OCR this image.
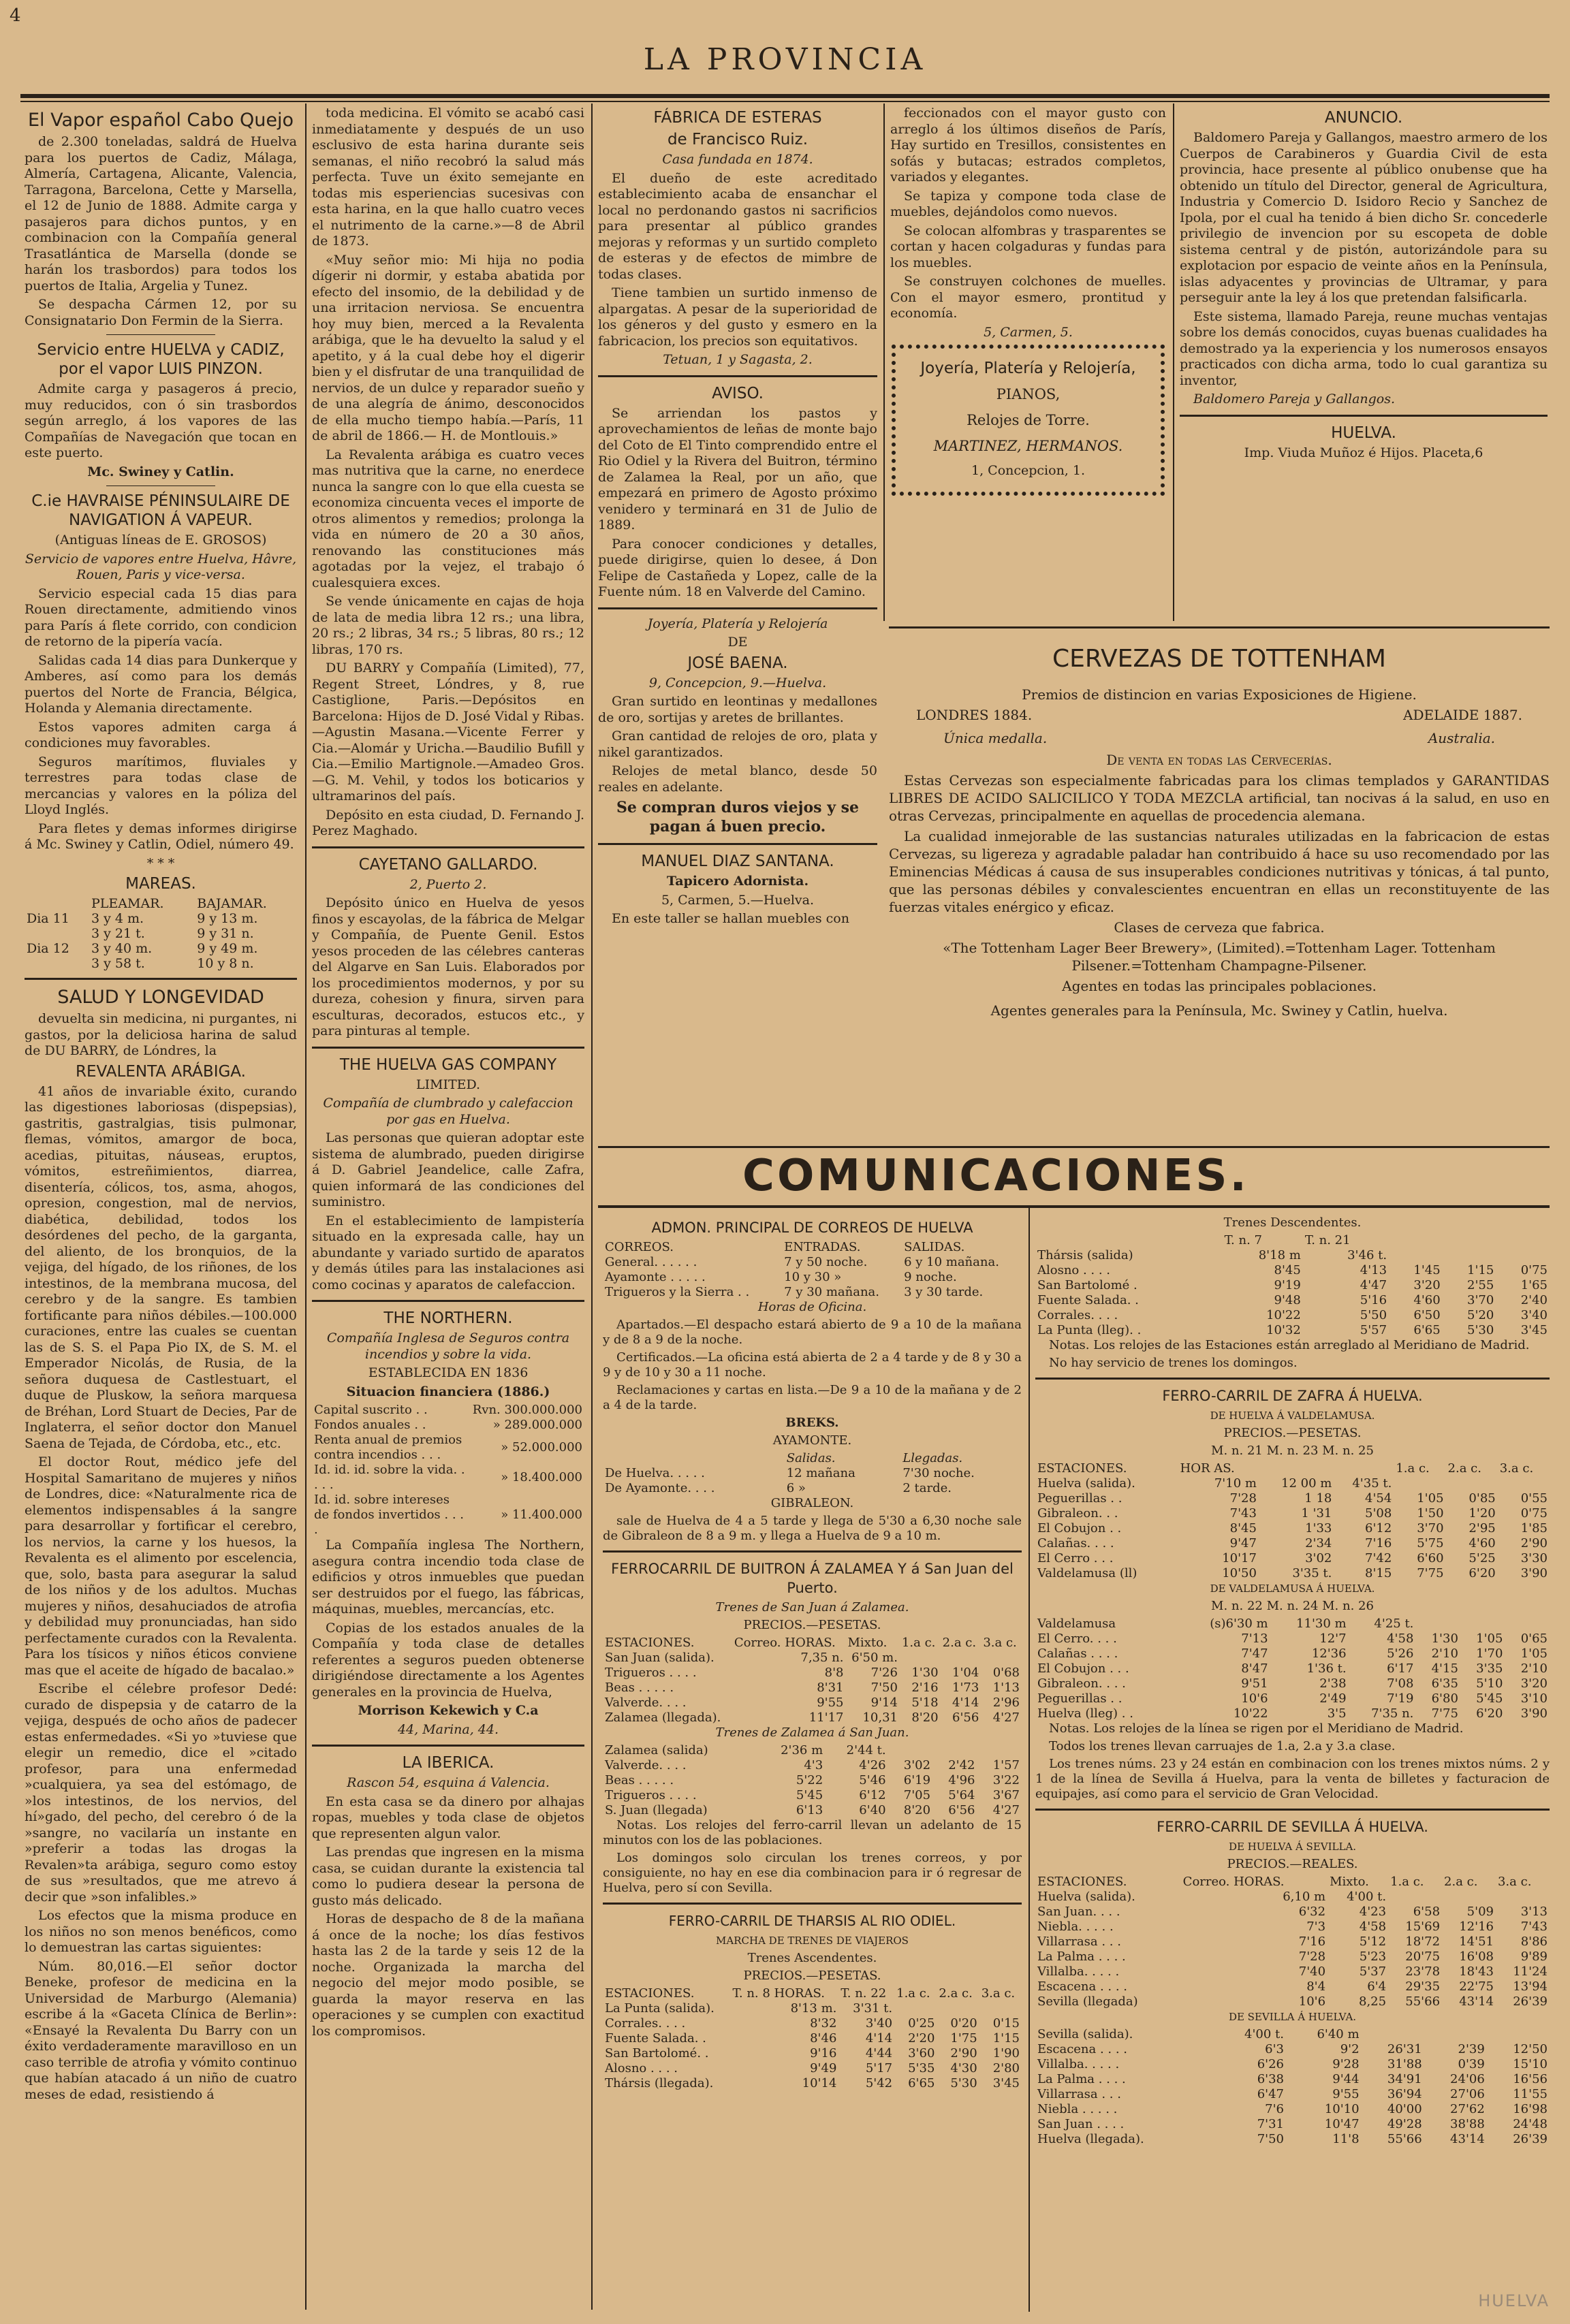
4
LA PROVINCIA

El Vapor español Cabo Quejo

de 2.300 toneladas, saldrá de Huelva para los puertos de Cadiz, Málaga, Almería, Cartagena, Alicante, Valencia, Tarragona, Barcelona, Cette y Marsella, el 12 de Junio de 1888. Admite carga y pasajeros para dichos puntos, y en combinacion con la Compañía general Trasatlántica de Marsella (donde se harán los trasbordos) para todos los puertos de Italia, Argelia y Tunez.

Se despacha Cármen 12, por su Consignatario Don Fermin de la Sierra.

Servicio entre HUELVA y CADIZ, por el vapor LUIS PINZON.

Admite carga y pasageros á precio, muy reducidos, con ó sin trasbordos según arreglo, á los vapores de las Compañías de Navegación que tocan en este puerto.

Mc. Swiney y Catlin.

C.ie HAVRAISE PÉNINSULAIRE DE NAVIGATION Á VAPEUR.

(Antiguas líneas de E. GROSOS)

Servicio de vapores entre Huelva, Hâvre, Rouen, Paris y vice-versa.

Servicio especial cada 15 dias para Rouen directamente, admitiendo vinos para París á flete corrido, con condicion de retorno de la pipería vacía.

Salidas cada 14 dias para Dunkerque y Amberes, así como para los demás puertos del Norte de Francia, Bélgica, Holanda y Alemania directamente.

Estos vapores admiten carga á condiciones muy favorables.

Seguros marítimos, fluviales y terrestres para todas clase de mercancias y valores en la póliza del Lloyd Inglés.

Para fletes y demas informes dirigirse á Mc. Swiney y Catlin, Odiel, número 49.

* * *

MAREAS.

	PLEAMAR.	BAJAMAR.
Dia 11	3 y 4 m.	9 y 13 m.
	3 y 21 t.	9 y 31 n.
Dia 12	3 y 40 m.	9 y 49 m.
	3 y 58 t.	10 y 8 n.

SALUD Y LONGEVIDAD

devuelta sin medicina, ni purgantes, ni gastos, por la deliciosa harina de salud de DU BARRY, de Lóndres, la

REVALENTA ARÁBIGA.

41 años de invariable éxito, curando las digestiones laboriosas (dispepsias), gastritis, gastralgias, tisis pulmonar, flemas, vómitos, amargor de boca, acedias, pituitas, náuseas, eruptos, vómitos, estreñimientos, diarrea, disentería, cólicos, tos, asma, ahogos, opresion, congestion, mal de nervios, diabética, debilidad, todos los desórdenes del pecho, de la garganta, del aliento, de los bronquios, de la vejiga, del hígado, de los riñones, de los intestinos, de la membrana mucosa, del cerebro y de la sangre. Es tambien fortificante para niños débiles.—100.000 curaciones, entre las cuales se cuentan las de S. S. el Papa Pio IX, de S. M. el Emperador Nicolás, de Rusia, de la señora duquesa de Castlestuart, el duque de Pluskow, la señora marquesa de Bréhan, Lord Stuart de Decies, Par de Inglaterra, el señor doctor don Manuel Saena de Tejada, de Córdoba, etc., etc.

El doctor Rout, médico jefe del Hospital Samaritano de mujeres y niños de Londres, dice: «Naturalmente rica de elementos indispensables á la sangre para desarrollar y fortificar el cerebro, los nervios, la carne y los huesos, la Revalenta es el alimento por escelencia, que, solo, basta para asegurar la salud de los niños y de los adultos. Muchas mujeres y niños, desahuciados de atrofia y debilidad muy pronunciadas, han sido perfectamente curados con la Revalenta. Para los tísicos y niños éticos conviene mas que el aceite de hígado de bacalao.»

Escribe el célebre profesor Dedé: curado de dispepsia y de catarro de la vejiga, después de ocho años de padecer estas enfermedades. «Si yo »tuviese que elegir un remedio, dice el »citado profesor, para una enfermedad »cualquiera, ya sea del estómago, de »los intestinos, de los nervios, del hí»gado, del pecho, del cerebro ó de la »sangre, no vacilaría un instante en »preferir a todas las drogas la Revalen»ta arábiga, seguro como estoy de sus »resultados, que me atrevo á decir que »son infalibles.»

Los efectos que la misma produce en los niños no son menos benéficos, como lo demuestran las cartas siguientes:

Núm. 80,016.—El señor doctor Beneke, profesor de medicina en la Universidad de Marburgo (Alemania) escribe á la «Gaceta Clínica de Berlin»: «Ensayé la Revalenta Du Barry con un éxito verdaderamente maravilloso en un caso terrible de atrofia y vómito continuo que habían atacado á un niño de cuatro meses de edad, resistiendo á

toda medicina. El vómito se acabó casi inmediatamente y después de un uso esclusivo de esta harina durante seis semanas, el niño recobró la salud más perfecta. Tuve un éxito semejante en todas mis esperiencias sucesivas con esta harina, en la que hallo cuatro veces el nutrimento de la carne.»—8 de Abril de 1873.

«Muy señor mio: Mi hija no podia dígerir ni dormir, y estaba abatida por efecto del insomio, de la debilidad y de una irritacion nerviosa. Se encuentra hoy muy bien, merced a la Revalenta arábiga, que le ha devuelto la salud y el apetito, y á la cual debe hoy el digerir bien y el disfrutar de una tranquilidad de nervios, de un dulce y reparador sueño y de una alegría de ánimo, desconocidos de ella mucho tiempo había.—París, 11 de abril de 1866.— H. de Montlouis.»

La Revalenta arábiga es cuatro veces mas nutritiva que la carne, no enerdece nunca la sangre con lo que ella cuesta se economiza cincuenta veces el importe de otros alimentos y remedios; prolonga la vida en número de 20 a 30 años, renovando las constituciones más agotadas por la vejez, el trabajo ó cualesquiera exces.

Se vende únicamente en cajas de hoja de lata de media libra 12 rs.; una libra, 20 rs.; 2 libras, 34 rs.; 5 libras, 80 rs.; 12 libras, 170 rs.

DU BARRY y Compañía (Limited), 77, Regent Street, Lóndres, y 8, rue Castiglione, Paris.—Depósitos en Barcelona: Hijos de D. José Vidal y Ribas.—Agustin Masana.—Vicente Ferrer y Cia.—Alomár y Uricha.—Baudilio Bufill y Cia.—Emilio Martignole.—Amadeo Gros.—G. M. Vehil, y todos los boticarios y ultramarinos del país.

Depósito en esta ciudad, D. Fernando J. Perez Maghado.

CAYETANO GALLARDO.

2, Puerto 2.

Depósito único en Huelva de yesos finos y escayolas, de la fábrica de Melgar y Compañía, de Puente Genil. Estos yesos proceden de las célebres canteras del Algarve en San Luis. Elaborados por los procedimientos modernos, y por su dureza, cohesion y finura, sirven para esculturas, decorados, estucos etc., y para pinturas al temple.

THE HUELVA GAS COMPANY

LIMITED.

Compañía de clumbrado y calefaccion por gas en Huelva.

Las personas que quieran adoptar este sistema de alumbrado, pueden dirigirse á D. Gabriel Jeandelice, calle Zafra, quien informará de las condiciones del suministro.

En el establecimiento de lampistería situado en la expresada calle, hay un abundante y variado surtido de aparatos y demás útiles para las instalaciones asi como cocinas y aparatos de calefaccion.

THE NORTHERN.

Compañía Inglesa de Seguros contra incendios y sobre la vida.

ESTABLECIDA EN 1836

Situacion financiera (1886.)

Capital suscrito . .	Rvn. 300.000.000
Fondos anuales . .	» 289.000.000
Renta anual de premios contra incendios . . .	» 52.000.000
Id. id. id. sobre la vida. . . . .	» 18.400.000
Id. id. sobre intereses de fondos invertidos . . . .	» 11.400.000

La Compañía inglesa The Northern, asegura contra incendio toda clase de edificios y otros inmuebles que puedan ser destruidos por el fuego, las fábricas, máquinas, muebles, mercancías, etc.

Copias de los estados anuales de la Compañía y toda clase de detalles referentes a seguros pueden obtenerse dirigiéndose directamente a los Agentes generales en la provincia de Huelva,

Morrison Kekewich y C.a

44, Marina, 44.

LA IBERICA.

Rascon 54, esquina á Valencia.

En esta casa se da dinero por alhajas ropas, muebles y toda clase de objetos que representen algun valor.

Las prendas que ingresen en la misma casa, se cuidan durante la existencia tal como lo pudiera desear la persona de gusto más delicado.

Horas de despacho de 8 de la mañana á once de la noche; los días festivos hasta las 2 de la tarde y seis 12 de la noche. Organizada la marcha del negocio del mejor modo posible, se guarda la mayor reserva en las operaciones y se cumplen con exactitud los compromisos.

FÁBRICA DE ESTERAS

de Francisco Ruiz.

Casa fundada en 1874.

El dueño de este acreditado establecimiento acaba de ensanchar el local no perdonando gastos ni sacrificios para presentar al público grandes mejoras y reformas y un surtido completo de esteras y de efectos de mimbre de todas clases.

Tiene tambien un surtido inmenso de alpargatas. A pesar de la superioridad de los géneros y del gusto y esmero en la fabricacion, los precios son equitativos.

Tetuan, 1 y Sagasta, 2.

AVISO.

Se arriendan los pastos y aprovechamientos de leñas de monte bajo del Coto de El Tinto comprendido entre el Rio Odiel y la Rivera del Buitron, término de Zalamea la Real, por un año, que empezará en primero de Agosto próximo venidero y terminará en 31 de Julio de 1889.

Para conocer condiciones y detalles, puede dirigirse, quien lo desee, á Don Felipe de Castañeda y Lopez, calle de la Fuente núm. 18 en Valverde del Camino.

Joyería, Platería y Relojería

DE

JOSÉ BAENA.

9, Concepcion, 9.—Huelva.

Gran surtido en leontinas y medallones de oro, sortijas y aretes de brillantes.

Gran cantidad de relojes de oro, plata y nikel garantizados.

Relojes de metal blanco, desde 50 reales en adelante.

Se compran duros viejos y se pagan á buen precio.

MANUEL DIAZ SANTANA.

Tapicero Adornista.

5, Carmen, 5.—Huelva.

En este taller se hallan muebles con

feccionados con el mayor gusto con arreglo á los últimos diseños de París, Hay surtido en Tresillos, consistentes en sofás y butacas; estrados completos, variados y elegantes.

Se tapiza y compone toda clase de muebles, dejándolos como nuevos.

Se colocan alfombras y trasparentes se cortan y hacen colgaduras y fundas para los muebles.

Se construyen colchones de muelles. Con el mayor esmero, prontitud y economía.

5, Carmen, 5.

Joyería, Platería y Relojería,

PIANOS,

Relojes de Torre.

MARTINEZ, HERMANOS.

1, Concepcion, 1.

ANUNCIO.

Baldomero Pareja y Gallangos, maestro armero de los Cuerpos de Carabineros y Guardia Civil de esta provincia, hace presente al público onubense que ha obtenido un título del Director, general de Agricultura, Industria y Comercio D. Isidoro Recio y Sanchez de Ipola, por el cual ha tenido á bien dicho Sr. concederle privilegio de invencion por su escopeta de doble sistema central y de pistón, autorizándole para su explotacion por espacio de veinte años en la Península, islas adyacentes y provincias de Ultramar, y para perseguir ante la ley á los que pretendan falsificarla.

Este sistema, llamado Pareja, reune muchas ventajas sobre los demás conocidos, cuyas buenas cualidades ha demostrado ya la experiencia y los numerosos ensayos practicados con dicha arma, todo lo cual garantiza su inventor,

Baldomero Pareja y Gallangos.

HUELVA.

Imp. Viuda Muñoz é Hijos. Placeta,6

CERVEZAS DE TOTTENHAM

Premios de distincion en varias Exposiciones de Higiene.

LONDRES 1884.	ADELAIDE 1887.
Única medalla.	Australia.

De venta en todas las Cervecerías.

Estas Cervezas son especialmente fabricadas para los climas templados y GARANTIDAS LIBRES DE ACIDO SALICILICO Y TODA MEZCLA artificial, tan nocivas á la salud, en uso en otras Cervezas, principalmente en aquellas de procedencia alemana.

La cualidad inmejorable de las sustancias naturales utilizadas en la fabricacion de estas Cervezas, su ligereza y agradable paladar han contribuido á hace su uso recomendado por las Eminencias Médicas á causa de sus insuperables condiciones nutritivas y tónicas, á tal punto, que las personas débiles y convalescientes encuentran en ellas un reconstituyente de las fuerzas vitales enérgico y eficaz.

Clases de cerveza que fabrica.

«The Tottenham Lager Beer Brewery», (Limited).=Tottenham Lager. Tottenham Pilsener.=Tottenham Champagne-Pilsener.

Agentes en todas las principales poblaciones.

Agentes generales para la Península, Mc. Swiney y Catlin, huelva.

COMUNICACIONES.

ADMON. PRINCIPAL DE CORREOS DE HUELVA

CORREOS.	ENTRADAS.	SALIDAS.
General. . . . . .	7 y 50 noche.	6 y 10 mañana.
Ayamonte . . . . .	10 y 30 »	9 noche.
Trigueros y la Sierra . .	7 y 30 mañana.	3 y 30 tarde.

Horas de Oficina.

Apartados.—El despacho estará abierto de 9 a 10 de la mañana y de 8 a 9 de la noche.

Certificados.—La oficina está abierta de 2 a 4 tarde y de 8 y 30 a 9 y de 10 y 30 a 11 noche.

Reclamaciones y cartas en lista.—De 9 a 10 de la mañana y de 2 a 4 de la tarde.

BREKS.

AYAMONTE.

	Salidas.	Llegadas.
De Huelva. . . . .	12 mañana	7'30 noche.
De Ayamonte. . . .	6 »	2 tarde.

GIBRALEON.

sale de Huelva de 4 a 5 tarde y llega de 5'30 a 6,30 noche sale de Gibraleon de 8 a 9 m. y llega a Huelva de 9 a 10 m.

FERROCARRIL DE BUITRON Á ZALAMEA Y á San Juan del Puerto.

Trenes de San Juan á Zalamea.

PRECIOS.—PESETAS.

ESTACIONES.	Correo. HORAS.	Mixto.	1.a c.	2.a c.	3.a c.
San Juan (salida).	7,35 n.	6'50 m.			
Trigueros . . . .	8'8	7'26	1'30	1'04	0'68
Beas . . . . .	8'31	7'50	2'16	1'73	1'13
Valverde. . . .	9'55	9'14	5'18	4'14	2'96
Zalamea (llegada).	11'17	10,31	8'20	6'56	4'27

Trenes de Zalamea á San Juan.

Zalamea (salida)	2'36 m	2'44 t.			
Valverde. . . .	4'3	4'26	3'02	2'42	1'57
Beas . . . . .	5'22	5'46	6'19	4'96	3'22
Trigueros . . . .	5'45	6'12	7'05	5'64	3'67
S. Juan (llegada)	6'13	6'40	8'20	6'56	4'27

Notas. Los relojes del ferro-carril llevan un adelanto de 15 minutos con los de las poblaciones.

Los domingos solo circulan los trenes correos, y por consiguiente, no hay en ese dia combinacion para ir ó regresar de Huelva, pero sí con Sevilla.

FERRO-CARRIL DE THARSIS AL RIO ODIEL.

MARCHA DE TRENES DE VIAJEROS

Trenes Ascendentes.

PRECIOS.—PESETAS.

ESTACIONES.	T. n. 8 HORAS.	T. n. 22	1.a c.	2.a c.	3.a c.
La Punta (salida).	8'13 m.	3'31 t.			
Corrales. . . .	8'32	3'40	0'25	0'20	0'15
Fuente Salada. .	8'46	4'14	2'20	1'75	1'15
San Bartolomé. .	9'16	4'44	3'60	2'90	1'90
Alosno . . . .	9'49	5'17	5'35	4'30	2'80
Thársis (llegada).	10'14	5'42	6'65	5'30	3'45

Trenes Descendentes.

	T. n. 7	T. n. 21			
Thársis (salida)	8'18 m	3'46 t.			
Alosno . . . .	8'45	4'13	1'45	1'15	0'75
San Bartolomé .	9'19	4'47	3'20	2'55	1'65
Fuente Salada. .	9'48	5'16	4'60	3'70	2'40
Corrales. . . .	10'22	5'50	6'50	5'20	3'40
La Punta (lleg). .	10'32	5'57	6'65	5'30	3'45

Notas. Los relojes de las Estaciones están arreglado al Meridiano de Madrid.

No hay servicio de trenes los domingos.

FERRO-CARRIL DE ZAFRA Á HUELVA.

DE HUELVA Á VALDELAMUSA.

PRECIOS.—PESETAS.

M. n. 21 M. n. 23 M. n. 25

ESTACIONES.	HOR AS.			1.a c.	2.a c.	3.a c.
Huelva (salida).	7'10 m	12 00 m	4'35 t.			
Peguerillas . .	7'28	1 18	4'54	1'05	0'85	0'55
Gibraleon. . .	7'43	1 '31	5'08	1'50	1'20	0'75
El Cobujon . .	8'45	1'33	6'12	3'70	2'95	1'85
Calañas. . . .	9'47	2'34	7'16	5'75	4'60	2'90
El Cerro . . .	10'17	3'02	7'42	6'60	5'25	3'30
Valdelamusa (ll)	10'50	3'35 t.	8'15	7'75	6'20	3'90

DE VALDELAMUSA Á HUELVA.

M. n. 22 M. n. 24 M. n. 26

Valdelamusa	(s)6'30 m	11'30 m	4'25 t.			
El Cerro. . . .	7'13	12'7	4'58	1'30	1'05	0'65
Calañas . . . .	7'47	12'36	5'26	2'10	1'70	1'05
El Cobujon . . .	8'47	1'36 t.	6'17	4'15	3'35	2'10
Gibraleon. . . .	9'51	2'38	7'08	6'35	5'10	3'20
Peguerillas . .	10'6	2'49	7'19	6'80	5'45	3'10
Huelva (lleg) . .	10'22	3'5	7'35 n.	7'75	6'20	3'90

Notas. Los relojes de la línea se rigen por el Meridiano de Madrid.

Todos los trenes llevan carruajes de 1.a, 2.a y 3.a clase.

Los trenes núms. 23 y 24 están en combinacion con los trenes mixtos núms. 2 y 1 de la línea de Sevilla á Huelva, para la venta de billetes y facturacion de equipajes, así como para el servicio de Gran Velocidad.

FERRO-CARRIL DE SEVILLA Á HUELVA.

DE HUELVA Á SEVILLA.

PRECIOS.—REALES.

ESTACIONES.	Correo. HORAS.	Mixto.	1.a c.	2.a c.	3.a c.
Huelva (salida).	6,10 m	4'00 t.			
San Juan. . . .	6'32	4'23	6'58	5'09	3'13
Niebla. . . . .	7'3	4'58	15'69	12'16	7'43
Villarrasa . . .	7'16	5'12	18'72	14'51	8'86
La Palma . . . .	7'28	5'23	20'75	16'08	9'89
Villalba. . . . .	7'40	5'37	23'78	18'43	11'24
Escacena . . . .	8'4	6'4	29'35	22'75	13'94
Sevilla (llegada)	10'6	8,25	55'66	43'14	26'39

DE SEVILLA Á HUELVA.

Sevilla (salida).	4'00 t.	6'40 m			
Escacena . . . .	6'3	9'2	26'31	2'39	12'50
Villalba. . . . .	6'26	9'28	31'88	0'39	15'10
La Palma . . . .	6'38	9'44	34'91	24'06	16'56
Villarrasa . . .	6'47	9'55	36'94	27'06	11'55
Niebla . . . . .	7'6	10'10	40'00	27'62	16'98
San Juan . . . .	7'31	10'47	49'28	38'88	24'48
Huelva (llegada).	7'50	11'8	55'66	43'14	26'39
HUELVA
